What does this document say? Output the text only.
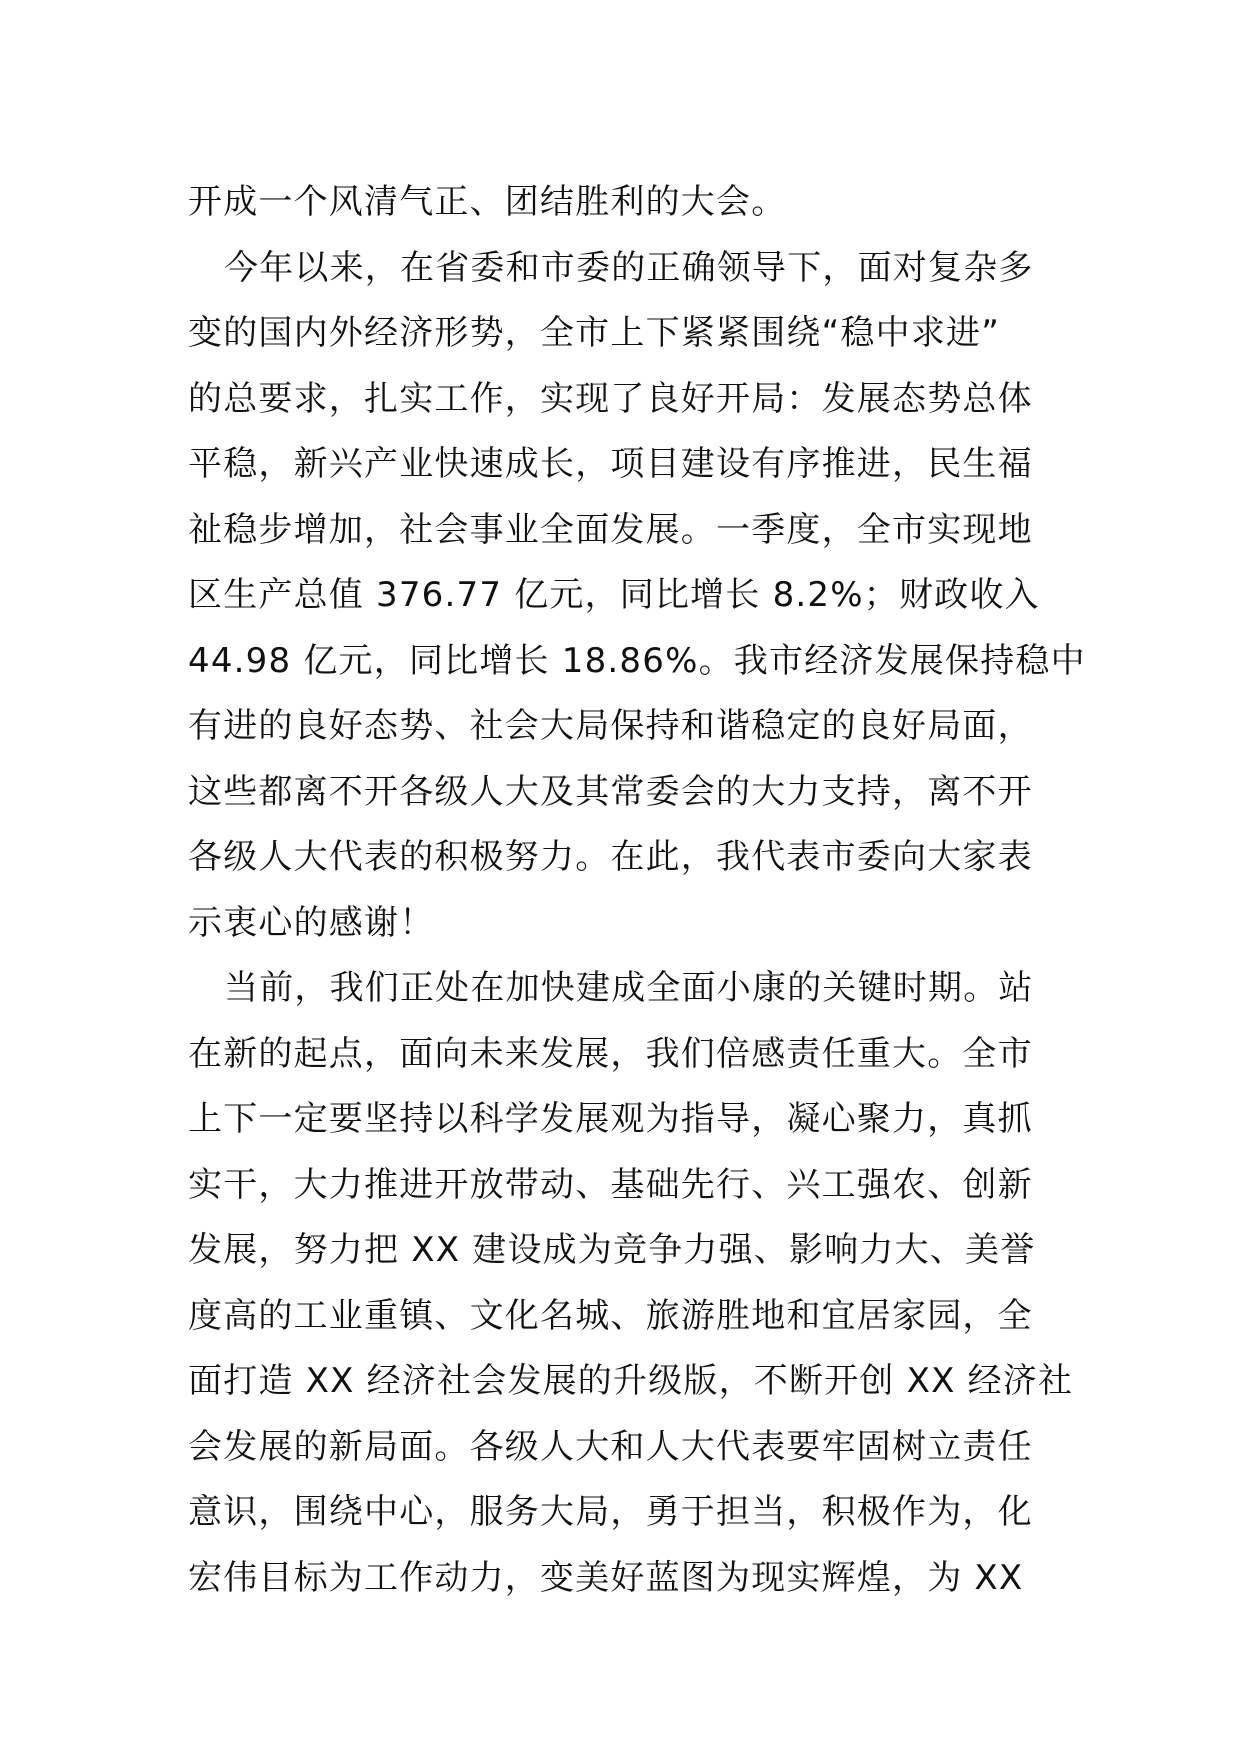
开成一个风清气正、团结胜利的大会。
今年以来，在省委和市委的正确领导下，面对复杂多
变的国内外经济形势，全市上下紧紧围绕“稳中求进”
的总要求，扎实工作，实现了良好开局：发展态势总体
平稳，新兴产业快速成长，项目建设有序推进，民生福
祉稳步增加，社会事业全面发展。一季度，全市实现地
区生产总值 376.77 亿元，同比增长 8.2%；财政收入
44.98 亿元，同比增长 18.86%。我市经济发展保持稳中
有进的良好态势、社会大局保持和谐稳定的良好局面，
这些都离不开各级人大及其常委会的大力支持，离不开
各级人大代表的积极努力。在此，我代表市委向大家表
示衷心的感谢！
当前，我们正处在加快建成全面小康的关键时期。站
在新的起点，面向未来发展，我们倍感责任重大。全市
上下一定要坚持以科学发展观为指导，凝心聚力，真抓
实干，大力推进开放带动、基础先行、兴工强农、创新
发展，努力把 XX 建设成为竞争力强、影响力大、美誉
度高的工业重镇、文化名城、旅游胜地和宜居家园，全
面打造 XX 经济社会发展的升级版，不断开创 XX 经济社
会发展的新局面。各级人大和人大代表要牢固树立责任
意识，围绕中心，服务大局，勇于担当，积极作为，化
宏伟目标为工作动力，变美好蓝图为现实辉煌，为 XX
